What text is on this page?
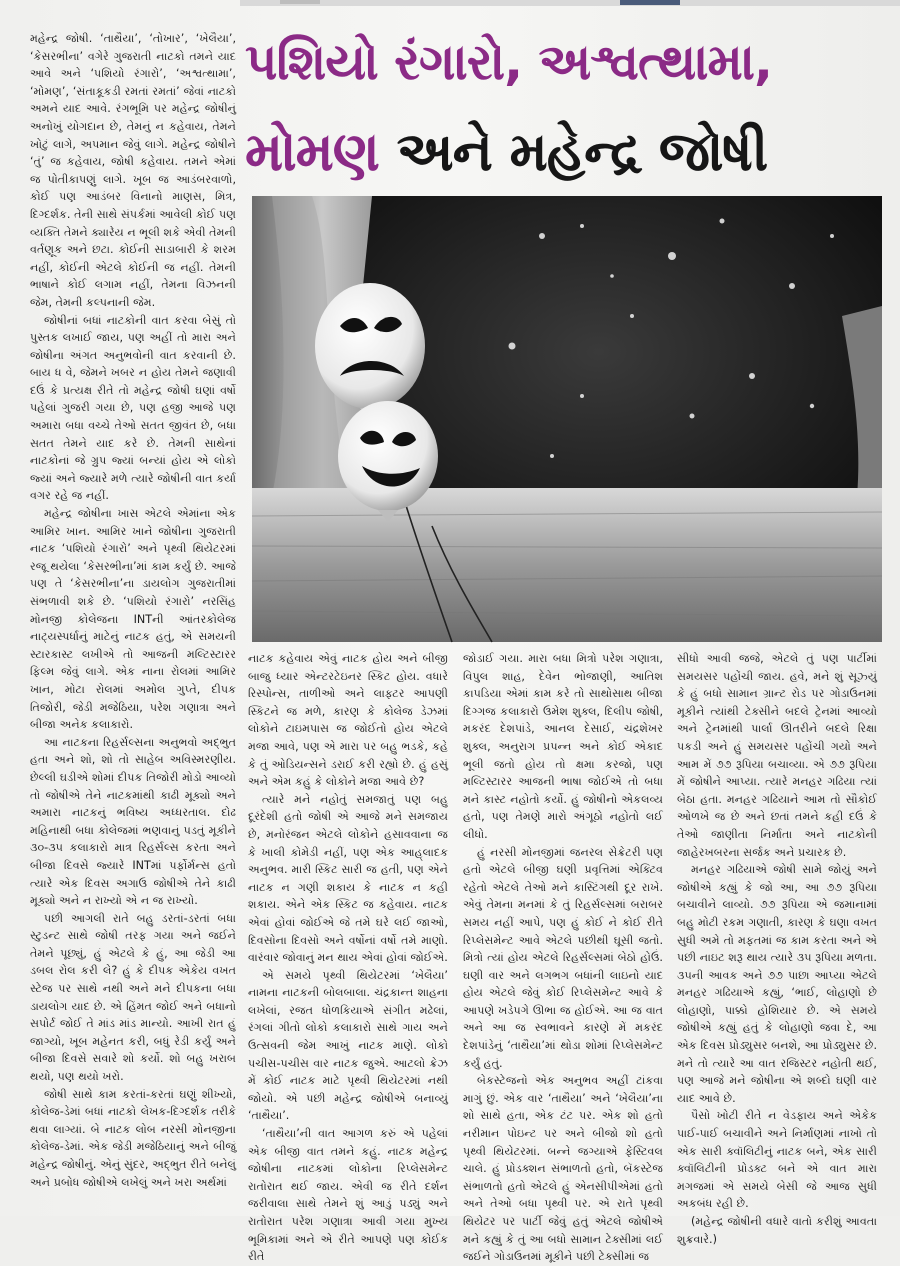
પશિયો રંગારો, અશ્વત્થામા,
મોમણ અને મહેન્દ્ર જોષી

મહેન્દ્ર જોષી. ‘તાથૈયા’, ‘તોખાર’, ‘ખેલૈયા’, ‘કેસરભીના’ વગેરે ગુજરાતી નાટકો તમને યાદ આવે અને ‘પશિયો રંગારો’, ‘અશ્વત્થામા’, ‘મોમણ’, ‘સંતાકૂકડી રમતાં રમતાં’ જેવાં નાટકો અમને યાદ આવે. રંગભૂમિ પર મહેન્દ્ર જોષીનું અનોખું યોગદાન છે, તેમનું ન કહેવાય, તેમને ખોટું લાગે, અપમાન જેવું લાગે. મહેન્દ્ર જોષીને ‘તું’ જ કહેવાય, જોષી કહેવાય. તમને એમાં જ પોતીકાપણું લાગે. ખૂબ જ આડંબરવાળો, કોઈ પણ આડંબર વિનાનો માણસ, મિત્ર, દિગ્દર્શક. તેની સાથે સંપર્કમાં આવેલી કોઈ પણ વ્યક્તિ તેમને ક્યારેય ન ભૂલી શકે એવી તેમની વર્તણૂક અને છટા. કોઈની સાડાબારી કે શરમ નહીં, કોઈની એટલે કોઈની જ નહીં. તેમની ભાષાને કોઈ લગામ નહીં, તેમના વિઝનની જેમ, તેમની કલ્પનાની જેમ.

જોષીનાં બધાં નાટકોની વાત કરવા બેસું તો પુસ્તક લખાઈ જાય, પણ અહીં તો મારા અને જોષીના અંગત અનુભવોની વાત કરવાની છે. બાય ધ વે, જેમને ખબર ન હોય તેમને જણાવી દઉં કે પ્રત્યક્ષ રીતે તો મહેન્દ્ર જોષી ઘણાં વર્ષો પહેલાં ગુજરી ગયા છે, પણ હજી આજે પણ અમારા બધા વચ્ચે તેઓ સતત જીવંત છે, બધા સતત તેમને યાદ કરે છે. તેમની સાથેનાં નાટકોનાં જે ગ્રુપ જ્યાં બન્યાં હોય એ લોકો જ્યાં અને જ્યારે મળે ત્યારે જોષીની વાત કર્યા વગર રહે જ નહીં.

મહેન્દ્ર જોષીના ખાસ એટલે એમાંના એક આમિર ખાન. આમિર ખાને જોષીના ગુજરાતી નાટક ‘પશિયો રંગારો’ અને પૃથ્વી થિયેટરમાં રજૂ થયેલા ‘કેસરભીના’માં કામ કર્યું છે. આજે પણ તે ‘કેસરભીના’ના ડાયલોગ ગુજરાતીમાં સંભળાવી શકે છે. ‘પશિયો રંગારો’ નરસિંહ મોનજી કોલેજના INTની આંતરકોલેજ નાટ્યસ્પર્ધાનું માટેનું નાટક હતું, એ સમયની સ્ટારકાસ્ટ લખીએ તો આજની મલ્ટિસ્ટારર ફિલ્મ જેવું લાગે. એક નાના રોલમાં આમિર ખાન, મોટા રોલમાં અમોલ ગુપ્તે, દીપક તિજોરી, જેડી મજેઠિયા, પરેશ ગણાત્રા અને બીજા અનેક કલાકારો.

આ નાટકના રિહર્સલ્સના અનુભવો અદ્‌ભુત હતા અને શો, શો તો સાહેબ અવિસ્મરણીય. છેલ્લી ઘડીએ શોમાં દીપક તિજોરી મોડો આવ્યો તો જોષીએ તેને નાટકમાંથી કાઢી મૂક્યો અને અમારા નાટકનું ભવિષ્ય અધ્ધરતાલ. દોઢ મહિનાથી બધા કોલેજમાં ભણવાનું પડતું મૂકીને ૩૦-૩૫ કલાકારો માત્ર રિહર્સલ્સ કરતા અને બીજા દિવસે જ્યારે INTમાં પર્ફોર્મન્સ હતો ત્યારે એક દિવસ અગાઉ જોષીએ તેને કાઢી મૂક્યો અને ન રાખ્યો એ ન જ રાખ્યો.

પછી આગલી રાતે બહુ ડરતાં-ડરતાં બધા સ્ટુડન્ટ સાથે જોષી તરફ ગયા અને જઈને તેમને પૂછ્યું, હું એટલે કે હું, આ જેડી આ ડબલ રોલ કરી લે? હું કે દીપક એકેય વખત સ્ટેજ પર સાથે નથી અને મને દીપકના બધા ડાયલોગ યાદ છે. એ હિંમત જોઈ અને બધાનો સપોર્ટ જોઈ તે માંડ માંડ માન્યો. આખી રાત હું જાગ્યો, ખૂબ મહેનત કરી, બધું રેડી કર્યું અને બીજા દિવસે સવારે શો કર્યો. શો બહુ ખરાબ થયો, પણ થયો ખરો.

જોષી સાથે કામ કરતાં-કરતાં ઘણું શીખ્યો, કોલેજ-ડેમાં બધાં નાટકો લેખક-દિગ્દર્શક તરીકે થવા લાગ્યાં. બે નાટક લોબ નરસી મોનજીના કોલેજ-ડેમાં. એક જેડી મજેઠિયાનું અને બીજું મહેન્દ્ર જોષીનું. એનું સુંદર, અદ્‌ભુત રીતે બનેલું અને પ્રબોધ જોષીએ લખેલું અને ખરા અર્થમાં

નાટક કહેવાય એવું નાટક હોય અને બીજી બાજુ ધ્યાર એન્ટરટેઇનર સ્કિટ હોય. વધારે રિસ્પોન્સ, તાળીઓ અને લાફ્ટર આપણી સ્કિટને જ મળે, કારણ કે કોલેજ ડેઝમાં લોકોને ટાઇમપાસ જ જોઈતો હોય એટલે મજા આવે, પણ એ મારા પર બહુ ભડકે, કહે કે તું ઓડિયન્સને ડરાઈ કરી રહ્યો છે. હું હસું અને એમ કહું કે લોકોને મજા આવે છે?

ત્યારે મને નહોતું સમજાતું પણ બહુ દૂરંદેશી હતો જોષી એ આજે મને સમજાય છે, મનોરંજન એટલે લોકોને હસાવવાના જ કે ખાલી કોમેડી નહીં, પણ એક આહ્‌લાદક અનુભવ. મારી સ્કિટ સારી જ હતી, પણ એને નાટક ન ગણી શકાય કે નાટક ન કહી શકાય. એને એક સ્કિટ જ કહેવાય. નાટક એવાં હોવાં જોઈએ જે તમે ઘરે લઈ જાઓ, દિવસોના દિવસો અને વર્ષોનાં વર્ષો તમે માણો. વારંવાર જોવાનું મન થાય એવાં હોવાં જોઈએ.

એ સમયે પૃથ્વી થિયેટરમાં ‘ખેલૈયા’ નામના નાટકની બોલબાલા. ચંદ્રકાન્ત શાહના લખેલાં, રજત ધોળકિયાએ સંગીત મઢેલાં, રંગલાં ગીતો લોકો કલાકારો સાથે ગાય અને ઉત્સવની જેમ આખું નાટક માણે. લોકો પચીસ-પચીસ વાર નાટક જુએ. આટલો ક્રેઝ મેં કોઈ નાટક માટે પૃથ્વી થિયેટરમાં નથી જોયો. એ પછી મહેન્દ્ર જોષીએ બનાવ્યું ‘તાથૈયા’.

‘તાથૈયા’ની વાત આગળ કરું એ પહેલાં એક બીજી વાત તમને કહું. નાટક મહેન્દ્ર જોષીના નાટકમાં લોકોના રિપ્લેસમેન્ટ રાતોરાત થઈ જાય. એવી જ રીતે દર્શન જરીવાલા સાથે તેમને શું આડું પડ્યું અને રાતોરાત પરેશ ગણાત્રા આવી ગયા મુખ્ય ભૂમિકામાં અને એ રીતે આપણે પણ કોઈક રીતે

જોડાઈ ગયા. મારા બધા મિત્રો પરેશ ગણાત્રા, વિપુલ શાહ, દેવેન ભોજાણી, આતિશ કાપડિયા એમાં કામ કરે તો સાથોસાથ બીજા દિગ્ગજ કલાકારો ઉમેશ શુક્લ, દિલીપ જોષી, મકરંદ દેશપાંડે, આનલ દેસાઈ, ચંદ્રશેખર શુક્લ, અનુરાગ પ્રપન્ન અને કોઈ એકાદ ભૂલી જતો હોય તો ક્ષમા કરજો, પણ મલ્ટિસ્ટારર આજની ભાષા જોઈએ તો બધા મને કાસ્ટ નહોતો કર્યો. હું જોષીનો એકલવ્ય હતો, પણ તેમણે મારો અંગૂઠો નહોતો લઈ લીધો.

હું નરસી મોનજીમાં જનરલ સેક્રેટરી પણ હતો એટલે બીજી ઘણી પ્રવૃત્તિમાં એક્ટિવ રહેતો એટલે તેઓ મને કાસ્ટિંગથી દૂર રાખે. એવું તેમના મનમાં કે તું રિહર્સલ્સમાં બરાબર સમય નહીં આપે, પણ હું કોઈ ને કોઈ રીતે રિપ્લેસમેન્ટ આવે એટલે પછીથી ઘૂસી જતો. મિત્રો ત્યાં હોય એટલે રિહર્સલ્સમાં બેઠો હોઉં. ઘણી વાર અને લગભગ બધાંની લાઇનો યાદ હોય એટલે જેવું કોઈ રિપ્લેસમેન્ટ આવે કે આપણે ખડેપગે ઊભા જ હોઈએ. આ જ વાત અને આ જ સ્વભાવને કારણે મેં મકરંદ દેશપાંડેનું ‘તાથૈયા’માં થોડા શોમાં રિપ્લેસમેન્ટ કર્યું હતું.

બેકસ્ટેજનો એક અનુભવ અહીં ટાંકવા માગું છું. એક વાર ‘તાથૈયા’ અને ‘ખેલૈયા’ના શો સાથે હતા, એક ટંટ પર. એક શો હતો નરીમાન પોઇન્ટ પર અને બીજો શો હતો પૃથ્વી થિયેટરમાં. બન્ને જગ્યાએ ફેસ્ટિવલ ચાલે. હું પ્રોડક્શન સંભાળતો હતો, બૅકસ્ટેજ સંભાળતો હતો એટલે હું એનસીપીએમાં હતો અને તેઓ બધા પૃથ્વી પર. એ રાતે પૃથ્વી થિયેટર પર પાર્ટી જેવું હતું એટલે જોષીએ મને કહ્યું કે તું આ બધો સામાન ટેક્સીમાં લઈ જઈને ગોડાઉનમાં મૂકીને પછી ટેક્સીમાં જ

સીધો આવી જજે, એટલે તું પણ પાર્ટીમાં સમયસર પહોંચી જાય. હવે, મને શું સૂઝ્યું કે હું બધો સામાન ગ્રાન્ટ રોડ પર ગોડાઉનમાં મૂકીને ત્યાંથી ટેક્સીને બદલે ટ્રેનમાં આવ્યો અને ટ્રેનમાંથી પાર્લા ઊતરીને બદલે રિક્ષા પકડી અને હું સમયસર પહોંચી ગયો અને આમ મેં ૭૭ રૂપિયા બચાવ્યા. એ ૭૭ રૂપિયા મેં જોષીને આપ્યા. ત્યારે મનહર ગઢિયા ત્યાં બેઠા હતા. મનહર ગઢિયાને આમ તો સૌકોઈ ઓળખે જ છે અને છતાં તમને કહી દઉં કે તેઓ જાણીતા નિર્માતા અને નાટકોની જાહેરખબરના સર્જક અને પ્રચારક છે.

મનહર ગઢિયાએ જોષી સામે જોયું અને જોષીએ કહ્યું કે જો આ, આ ૭૭ રૂપિયા બચાવીને લાવ્યો. ૭૭ રૂપિયા એ જમાનામાં બહુ મોટી રકમ ગણાતી, કારણ કે ઘણા વખત સુધી અમે તો મફતમાં જ કામ કરતા અને એ પછી નાઇટ શરૂ થાય ત્યારે ૩૫ રૂપિયા મળતા. ૩૫ની આવક અને ૭૭ પાછા આપ્યા એટલે મનહર ગઢિયાએ કહ્યું, ‘ભાઈ, લોહાણો છે લોહાણો, પાક્કો હોશિયાર છે. એ સમયે જોષીએ કહ્યું હતું કે લોહાણો જવા દે, આ એક દિવસ પ્રોડ્યુસર બનશે, આ પ્રોડ્યુસર છે. મને તો ત્યારે આ વાત રજિસ્ટર નહોતી થઈ, પણ આજે મને જોષીના એ શબ્દો ઘણી વાર યાદ આવે છે.

પૈસો ખોટી રીતે ન વેડફાય અને એકેક પાઈ-પાઈ બચાવીને અને નિર્માણમાં નાખો તો એક સારી ક્વૉલિટીનું નાટક બને, એક સારી ક્વૉલિટીની પ્રોડક્ટ બને એ વાત મારા મગજમાં એ સમયે બેસી જે આજ સુધી અકબંધ રહી છે.

(મહેન્દ્ર જોષીની વધારે વાતો કરીશું આવતા શુક્રવારે.)
